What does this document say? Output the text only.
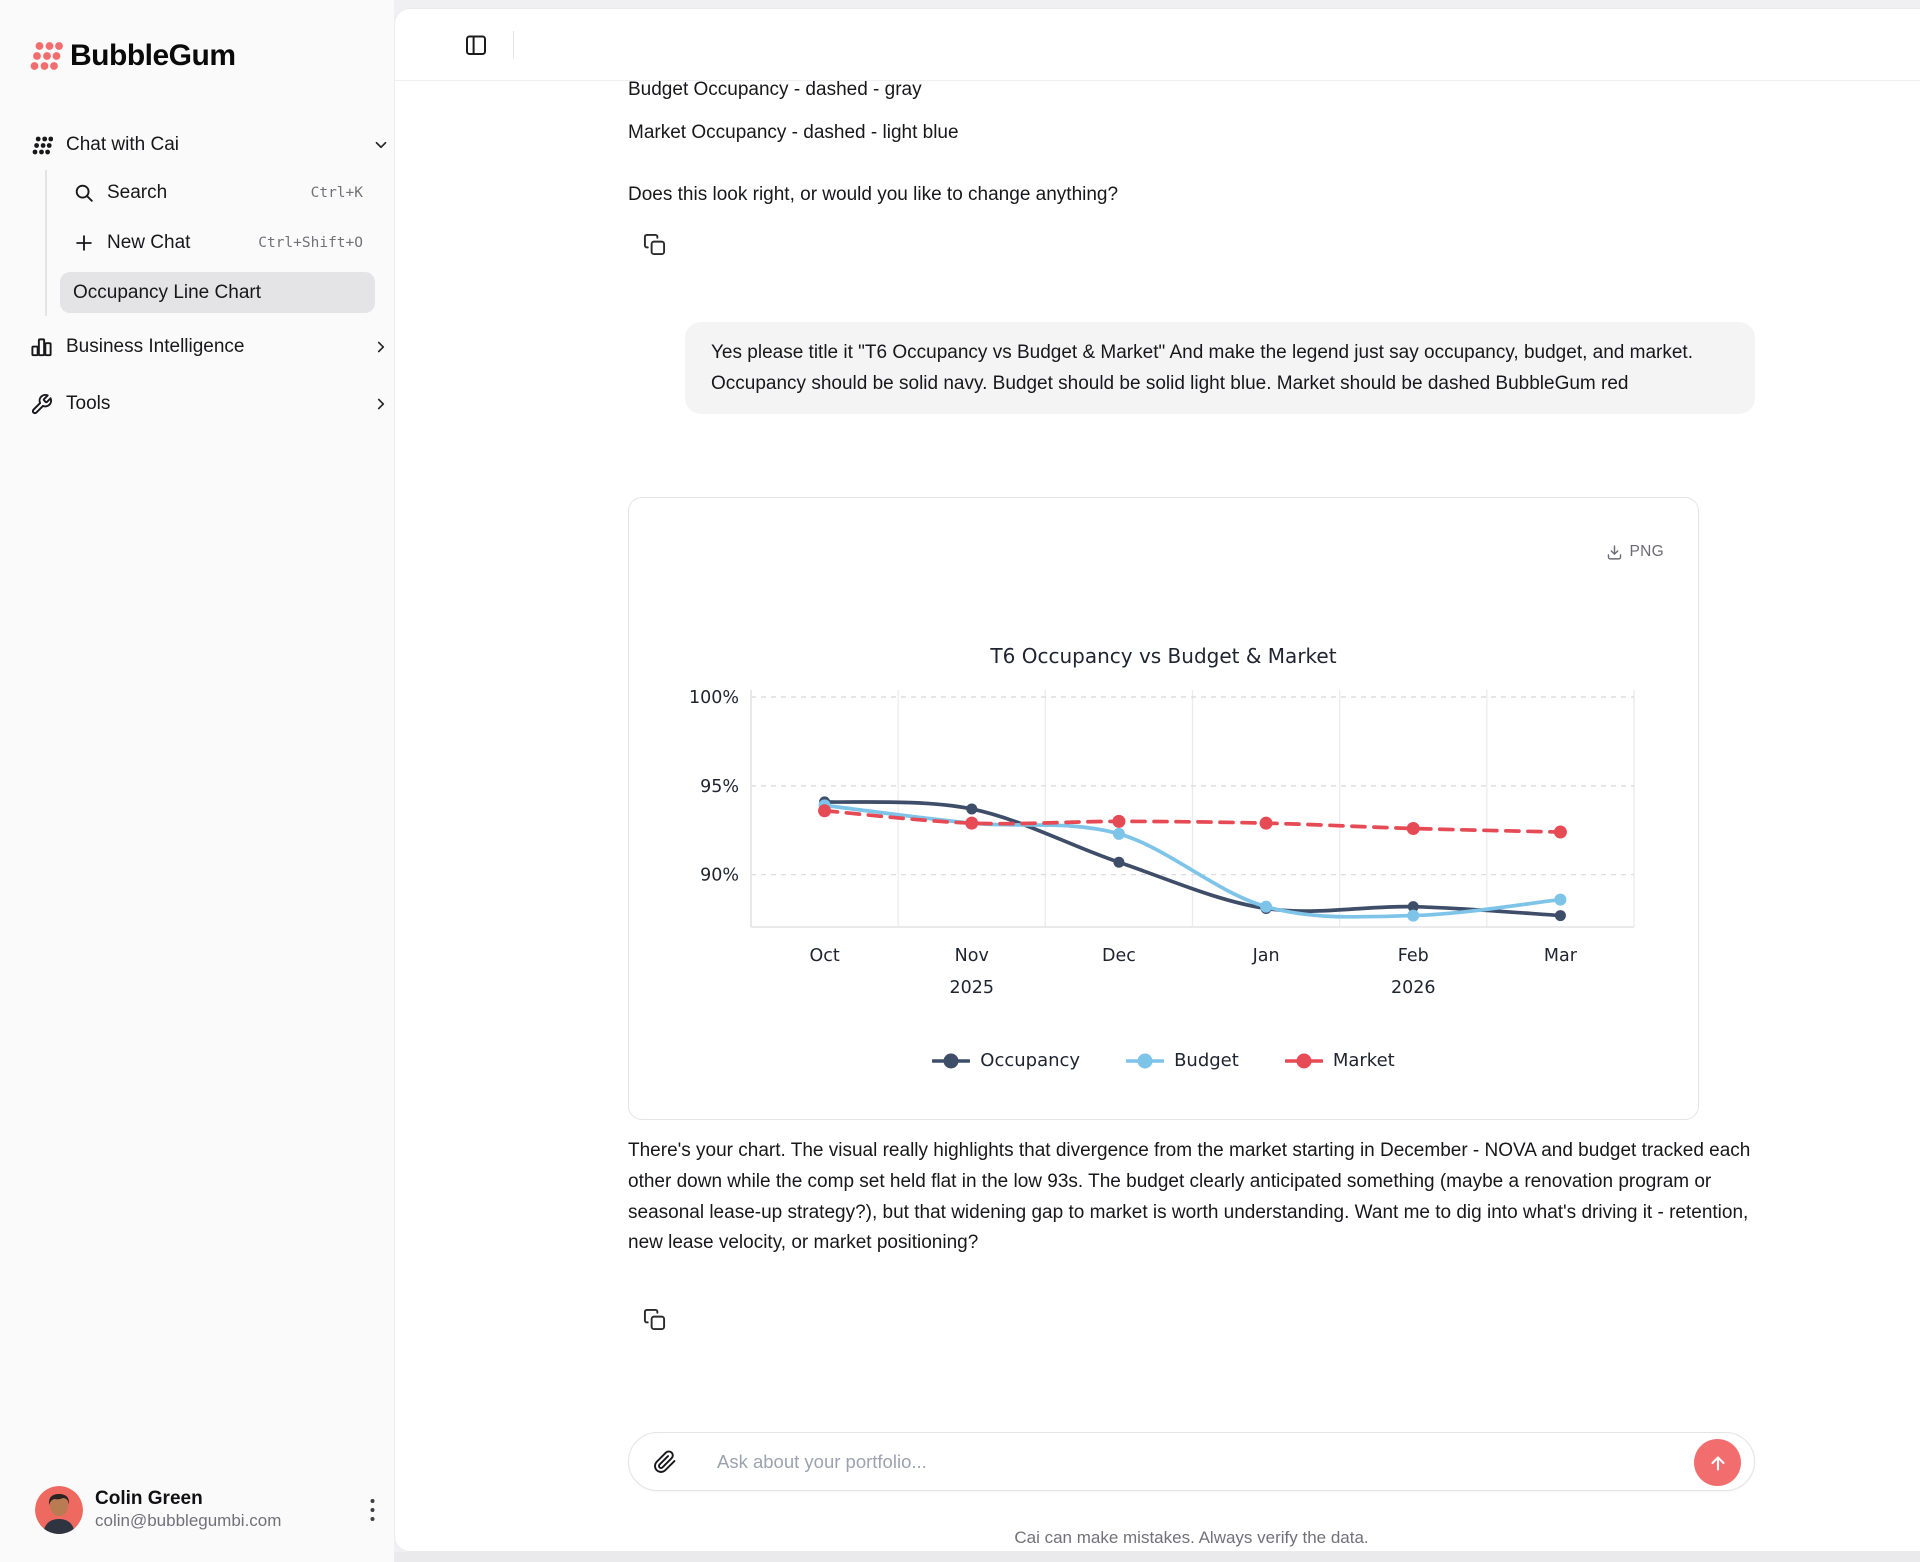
BubbleGum
Chat with Cai
Search	Ctrl+K
New Chat	Ctrl+Shift+O
Occupancy Line Chart
Business Intelligence
Tools
Colin Green
colin@bubblegumbi.com
Budget Occupancy - dashed - gray
Market Occupancy - dashed - light blue
Does this look right, or would you like to change anything?
Yes please title it "T6 Occupancy vs Budget & Market" And make the legend just say occupancy, budget, and market. Occupancy should be solid navy. Budget should be solid light blue. Market should be dashed BubbleGum red
PNG
T6 Occupancy vs Budget & Market
100%
95%
90%
Oct	Nov	Dec	Jan	Feb	Mar
2025	2026
Occupancy	Budget	Market
There's your chart. The visual really highlights that divergence from the market starting in December - NOVA and budget tracked each other down while the comp set held flat in the low 93s. The budget clearly anticipated something (maybe a renovation program or seasonal lease-up strategy?), but that widening gap to market is worth understanding. Want me to dig into what's driving it - retention, new lease velocity, or market positioning?
Ask about your portfolio...
Cai can make mistakes. Always verify the data.
